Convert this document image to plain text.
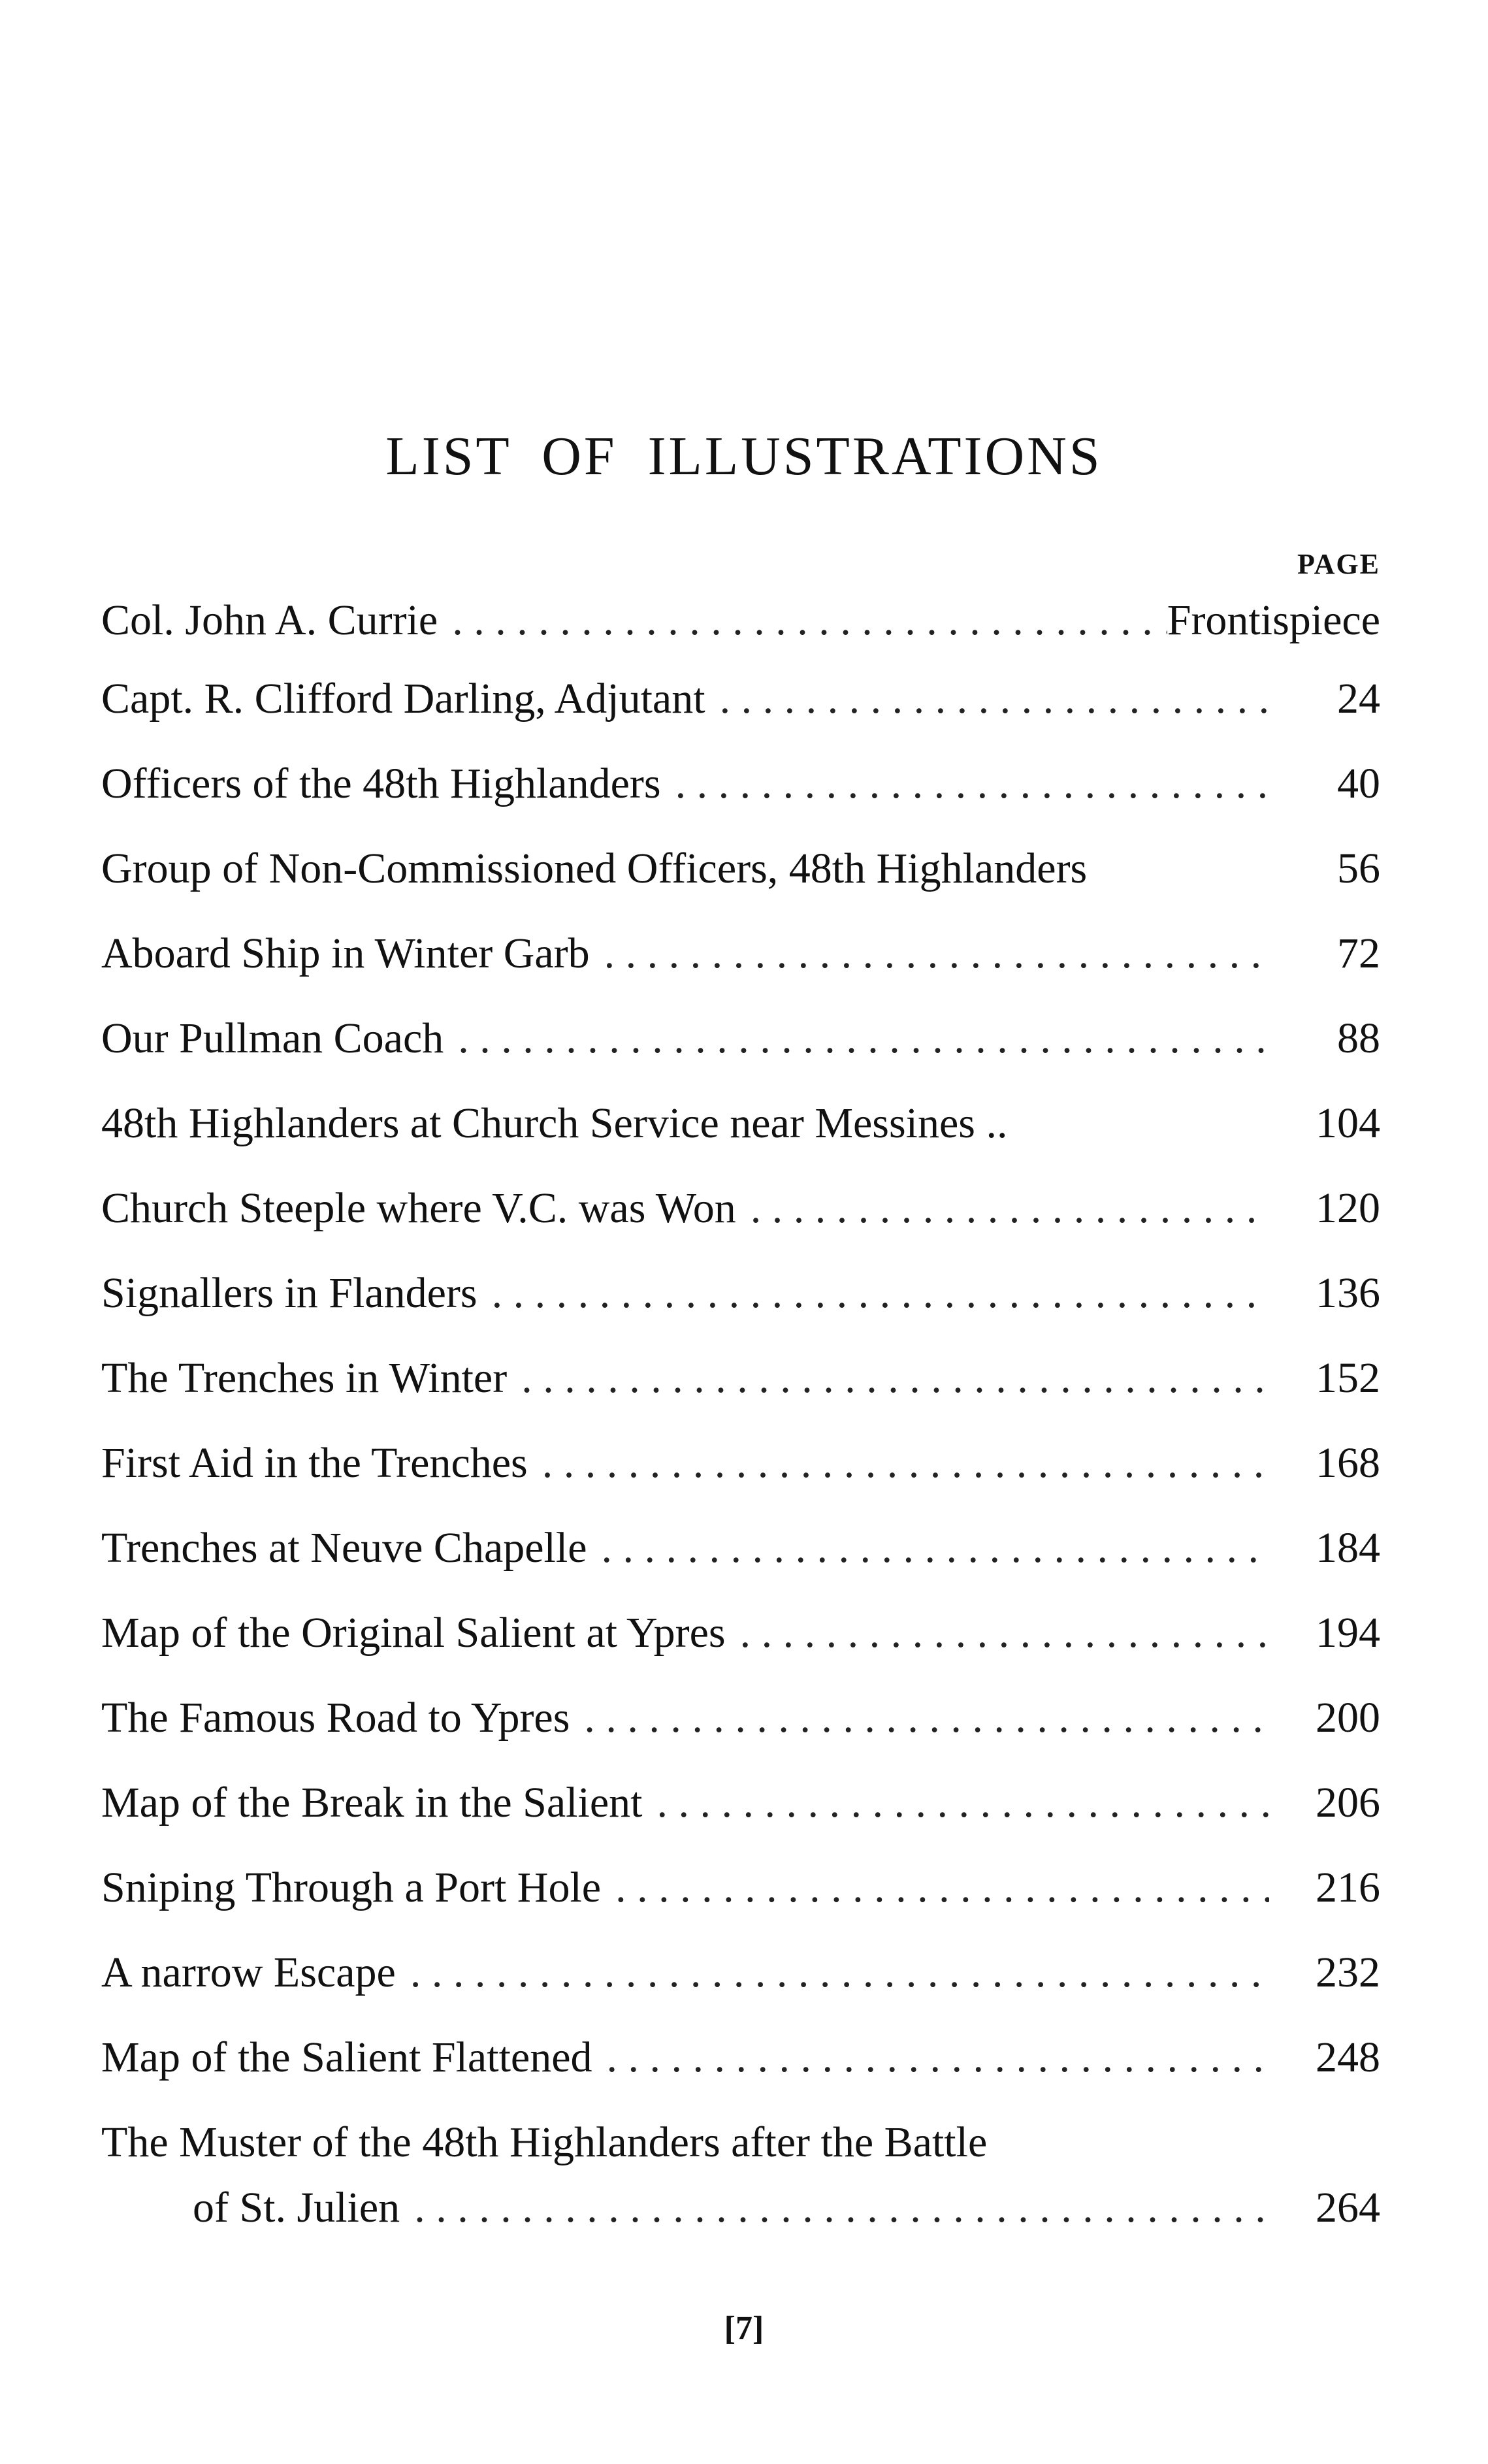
LIST OF ILLUSTRATIONS
PAGE
Col. John A. Currie . . .	Frontispiece
Capt. R. Clifford Darling, Adjutant . . .	24
Officers of the 48th Highlanders . . .	40
Group of Non-Commissioned Officers, 48th Highlanders	56
Aboard Ship in Winter Garb . . .	72
Our Pullman Coach . . .	88
48th Highlanders at Church Service near Messines ..	104
Church Steeple where V.C. was Won . . .	120
Signallers in Flanders . . .	136
The Trenches in Winter . . .	152
First Aid in the Trenches . . .	168
Trenches at Neuve Chapelle . . .	184
Map of the Original Salient at Ypres . . .	194
The Famous Road to Ypres . . .	200
Map of the Break in the Salient . . .	206
Sniping Through a Port Hole . . .	216
A narrow Escape . . .	232
Map of the Salient Flattened . . .	248
The Muster of the 48th Highlanders after the Battle
of St. Julien . . .	264
[7]
